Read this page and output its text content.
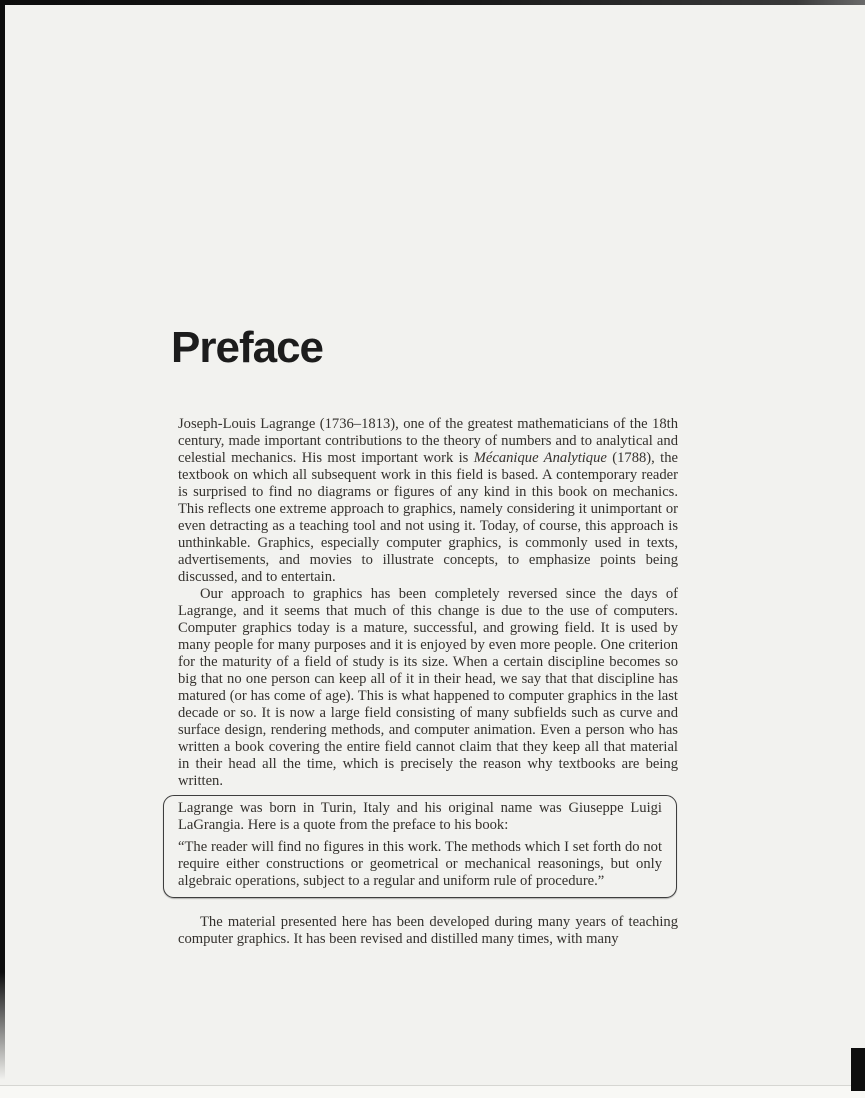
Preface

Joseph-Louis Lagrange (1736–1813), one of the greatest mathematicians of the 18th century, made important contributions to the theory of numbers and to analytical and celestial mechanics. His most important work is Mécanique Analytique (1788), the textbook on which all subsequent work in this field is based. A contemporary reader is surprised to find no diagrams or figures of any kind in this book on mechanics. This reflects one extreme approach to graphics, namely considering it unimportant or even detracting as a teaching tool and not using it. Today, of course, this approach is unthinkable. Graphics, especially computer graphics, is commonly used in texts, advertisements, and movies to illustrate concepts, to emphasize points being discussed, and to entertain.

Our approach to graphics has been completely reversed since the days of Lagrange, and it seems that much of this change is due to the use of computers. Computer graphics today is a mature, successful, and growing field. It is used by many people for many purposes and it is enjoyed by even more people. One criterion for the maturity of a field of study is its size. When a certain discipline becomes so big that no one person can keep all of it in their head, we say that that discipline has matured (or has come of age). This is what happened to computer graphics in the last decade or so. It is now a large field consisting of many subfields such as curve and surface design, rendering methods, and computer animation. Even a person who has written a book covering the entire field cannot claim that they keep all that material in their head all the time, which is precisely the reason why textbooks are being written.

Lagrange was born in Turin, Italy and his original name was Giuseppe Luigi LaGrangia. Here is a quote from the preface to his book:

“The reader will find no figures in this work. The methods which I set forth do not require either constructions or geometrical or mechanical reasonings, but only algebraic operations, subject to a regular and uniform rule of procedure.”

The material presented here has been developed during many years of teaching computer graphics. It has been revised and distilled many times, with many
